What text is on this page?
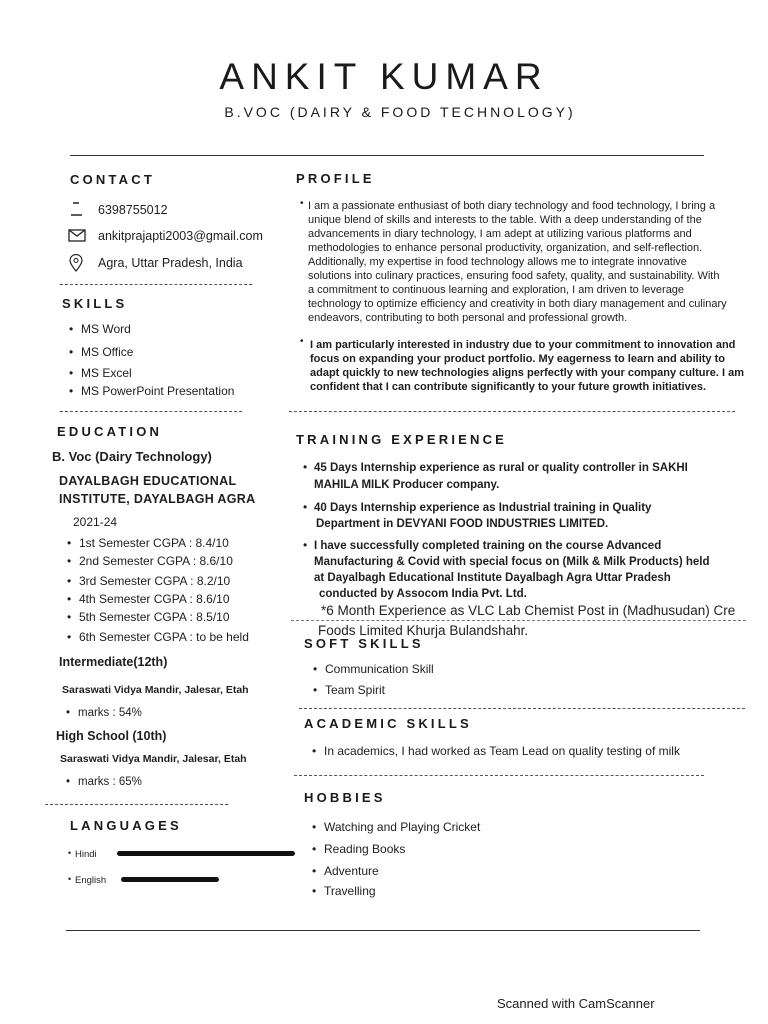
ANKIT KUMAR
B.VOC (DAIRY & FOOD TECHNOLOGY)
CONTACT
6398755012
ankitprajapti2003@gmail.com
Agra, Uttar Pradesh, India
SKILLS
• MS Word
• MS Office
• MS Excel
• MS PowerPoint Presentation
EDUCATION
B. Voc (Dairy Technology)
DAYALBAGH EDUCATIONAL
INSTITUTE, DAYALBAGH AGRA
2021-24
• 1st Semester CGPA : 8.4/10
• 2nd Semester CGPA : 8.6/10
• 3rd Semester CGPA : 8.2/10
• 4th Semester CGPA : 8.6/10
• 5th Semester CGPA : 8.5/10
• 6th Semester CGPA : to be held
Intermediate(12th)
Saraswati Vidya Mandir, Jalesar, Etah
• marks : 54%
High School (10th)
Saraswati Vidya Mandir, Jalesar, Etah
• marks : 65%
LANGUAGES
Hindi
•
English
•
PROFILE
• I am a passionate enthusiast of both diary technology and food technology, I bring a
unique blend of skills and interests to the table. With a deep understanding of the
advancements in diary technology, I am adept at utilizing various platforms and
methodologies to enhance personal productivity, organization, and self-reflection.
Additionally, my expertise in food technology allows me to integrate innovative
solutions into culinary practices, ensuring food safety, quality, and sustainability. With
a commitment to continuous learning and exploration, I am driven to leverage
technology to optimize efficiency and creativity in both diary management and culinary
endeavors, contributing to both personal and professional growth.
• I am particularly interested in industry due to your commitment to innovation and
focus on expanding your product portfolio. My eagerness to learn and ability to
adapt quickly to new technologies aligns perfectly with your company culture. I am
confident that I can contribute significantly to your future growth initiatives.
TRAINING EXPERIENCE
• 45 Days Internship experience as rural or quality controller in SAKHI
MAHILA MILK Producer company.
• 40 Days Internship experience as Industrial training in Quality
Department in DEVYANI FOOD INDUSTRIES LIMITED.
• I have successfully completed training on the course Advanced
Manufacturing & Covid with special focus on (Milk & Milk Products) held
at Dayalbagh Educational Institute Dayalbagh Agra Uttar Pradesh
conducted by Assocom India Pvt. Ltd.
*6 Month Experience as VLC Lab Chemist Post in (Madhusudan) Cre
Foods Limited Khurja Bulandshahr.
SOFT SKILLS
• Communication Skill
• Team Spirit
ACADEMIC SKILLS
• In academics, I had worked as Team Lead on quality testing of milk
HOBBIES
• Watching and Playing Cricket
• Reading Books
• Adventure
• Travelling
Scanned with CamScanner
